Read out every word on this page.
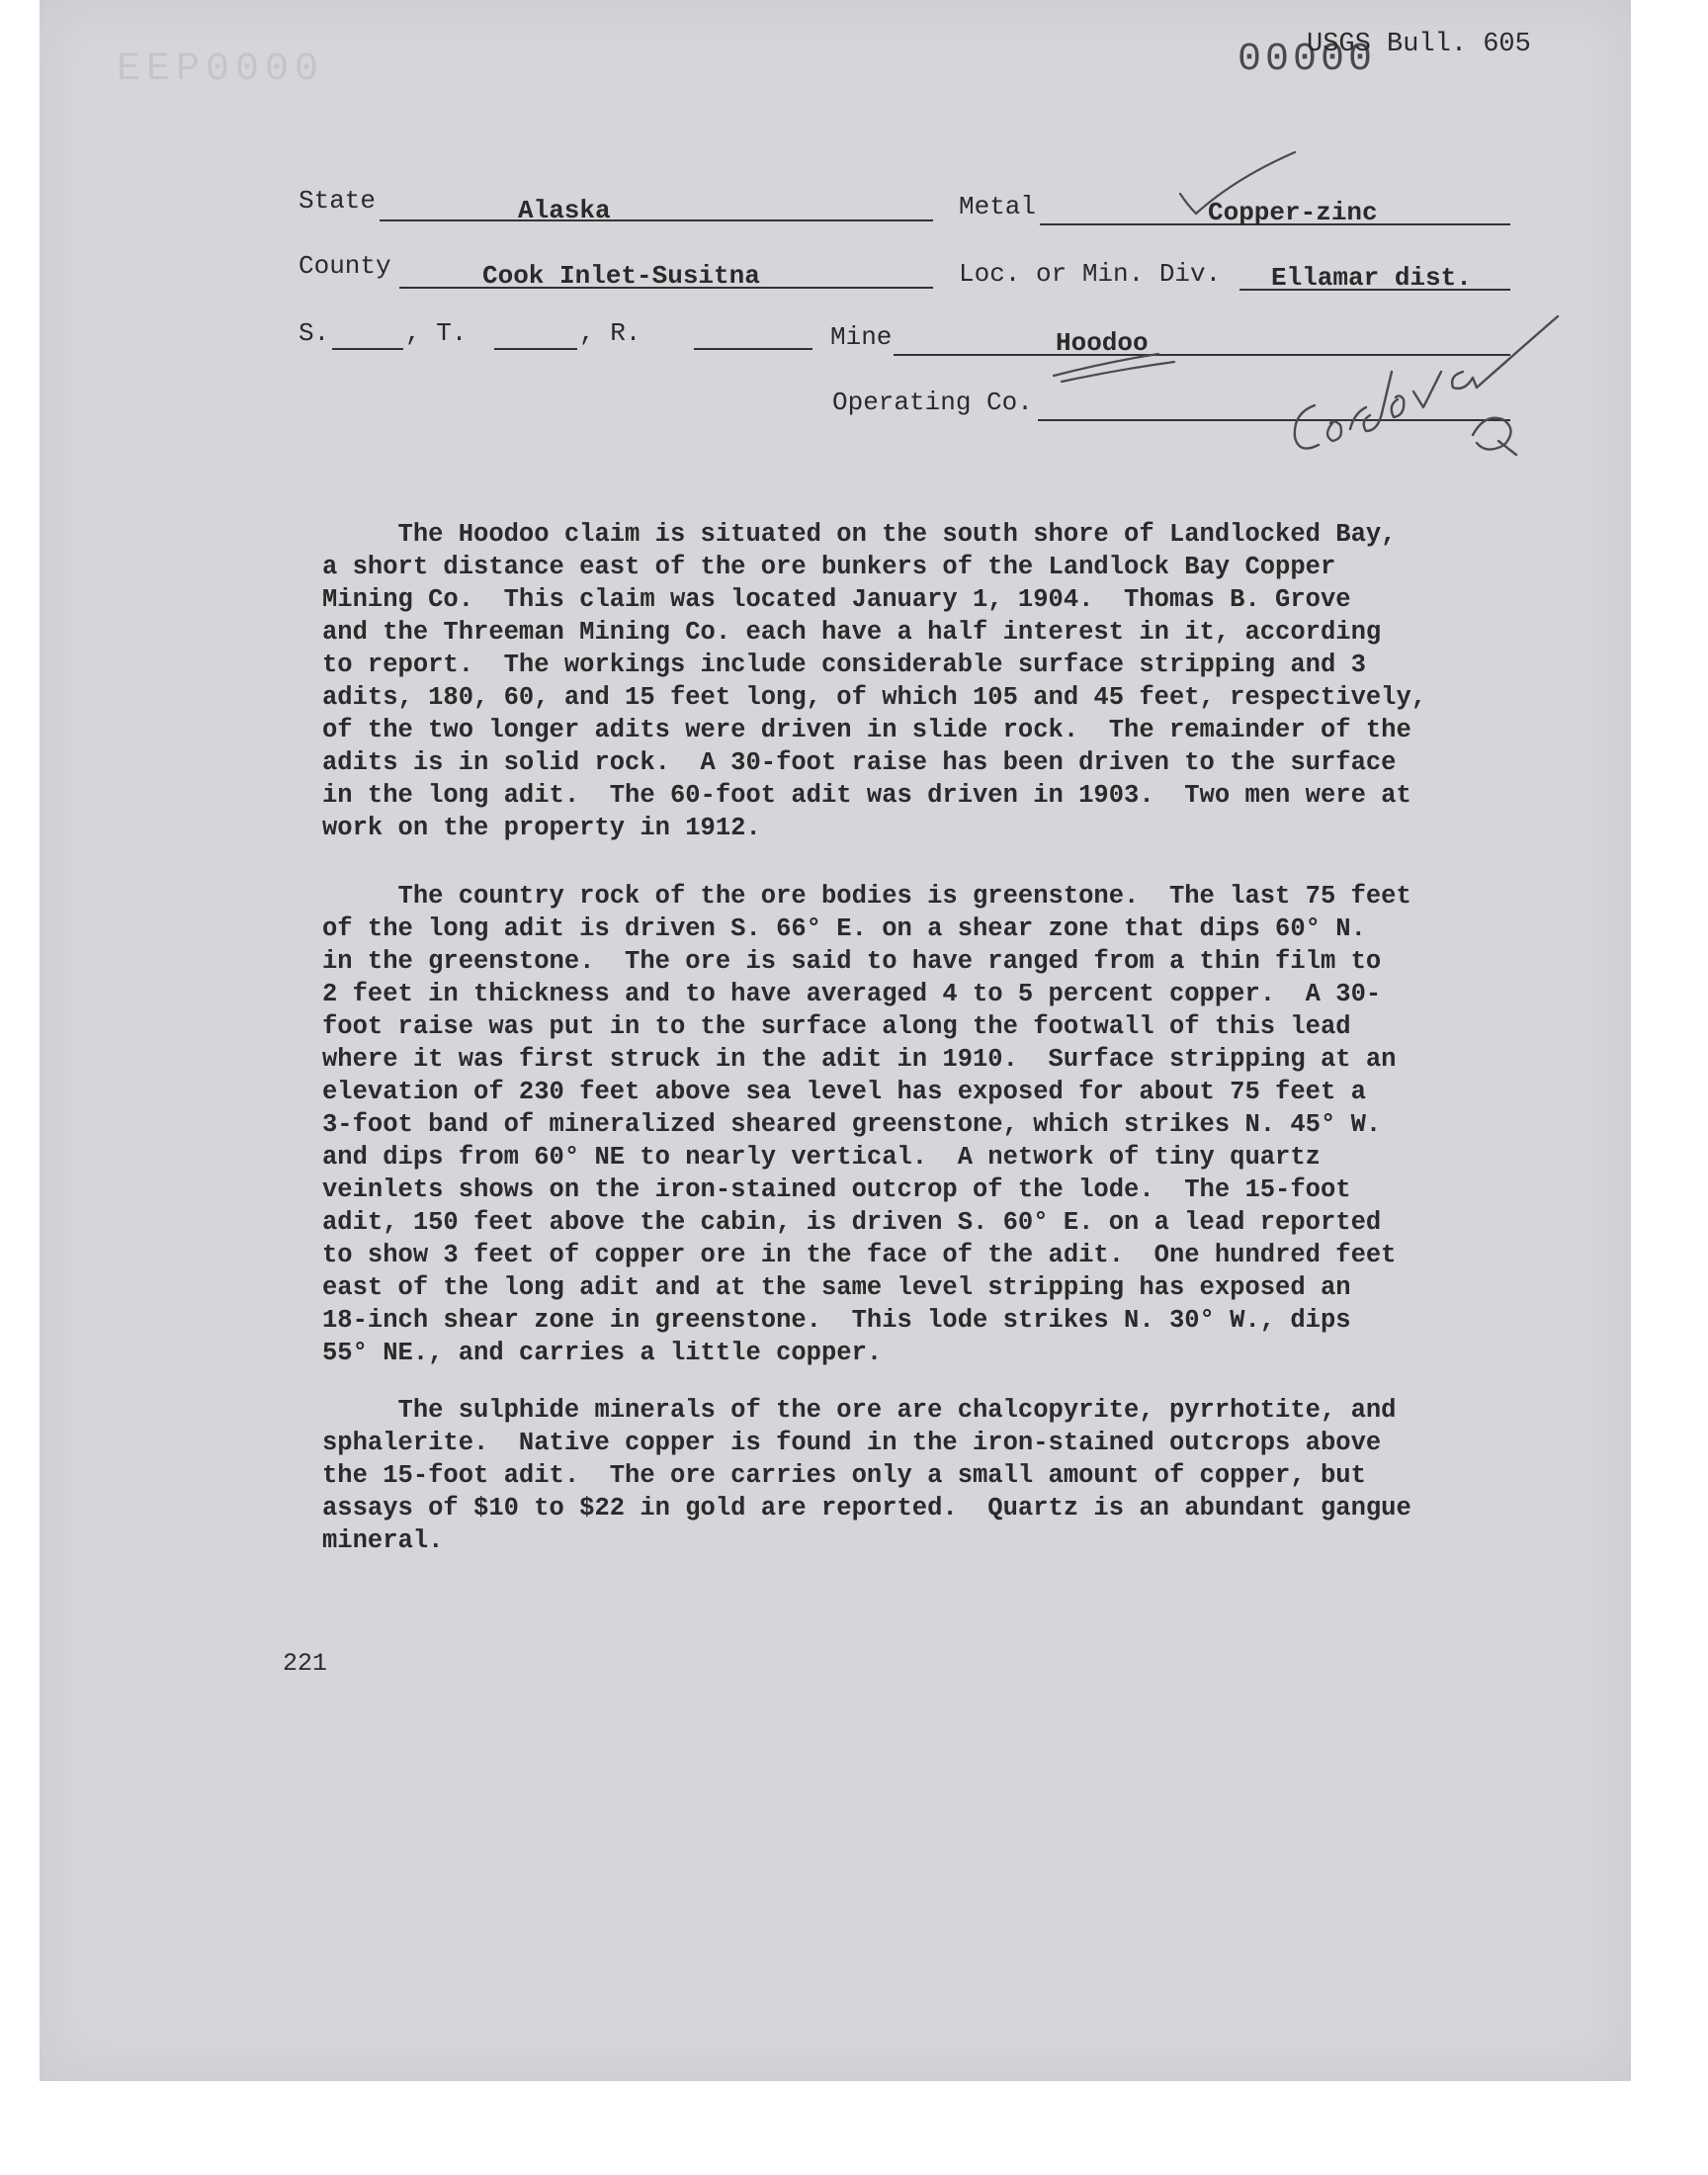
EEP0000	00000
USGS Bull. 605
State	Alaska	Metal	Copper-zinc
County	Cook Inlet-Susitna	Loc. or Min. Div. Ellamar dist.
S.	, T.	, R.	Mine	Hoodoo
Operating Co.
Cordova Q
The Hoodoo claim is situated on the south shore of Landlocked Bay,
a short distance east of the ore bunkers of the Landlock Bay Copper
Mining Co.  This claim was located January 1, 1904.  Thomas B. Grove
and the Threeman Mining Co. each have a half interest in it, according
to report.  The workings include considerable surface stripping and 3
adits, 180, 60, and 15 feet long, of which 105 and 45 feet, respectively,
of the two longer adits were driven in slide rock.  The remainder of the
adits is in solid rock.  A 30-foot raise has been driven to the surface
in the long adit.  The 60-foot adit was driven in 1903.  Two men were at
work on the property in 1912.
The country rock of the ore bodies is greenstone.  The last 75 feet
of the long adit is driven S. 66° E. on a shear zone that dips 60° N.
in the greenstone.  The ore is said to have ranged from a thin film to
2 feet in thickness and to have averaged 4 to 5 percent copper.  A 30-
foot raise was put in to the surface along the footwall of this lead
where it was first struck in the adit in 1910.  Surface stripping at an
elevation of 230 feet above sea level has exposed for about 75 feet a
3-foot band of mineralized sheared greenstone, which strikes N. 45° W.
and dips from 60° NE to nearly vertical.  A network of tiny quartz
veinlets shows on the iron-stained outcrop of the lode.  The 15-foot
adit, 150 feet above the cabin, is driven S. 60° E. on a lead reported
to show 3 feet of copper ore in the face of the adit.  One hundred feet
east of the long adit and at the same level stripping has exposed an
18-inch shear zone in greenstone.  This lode strikes N. 30° W., dips
55° NE., and carries a little copper.
The sulphide minerals of the ore are chalcopyrite, pyrrhotite, and
sphalerite.  Native copper is found in the iron-stained outcrops above
the 15-foot adit.  The ore carries only a small amount of copper, but
assays of $10 to $22 in gold are reported.  Quartz is an abundant gangue
mineral.
221
